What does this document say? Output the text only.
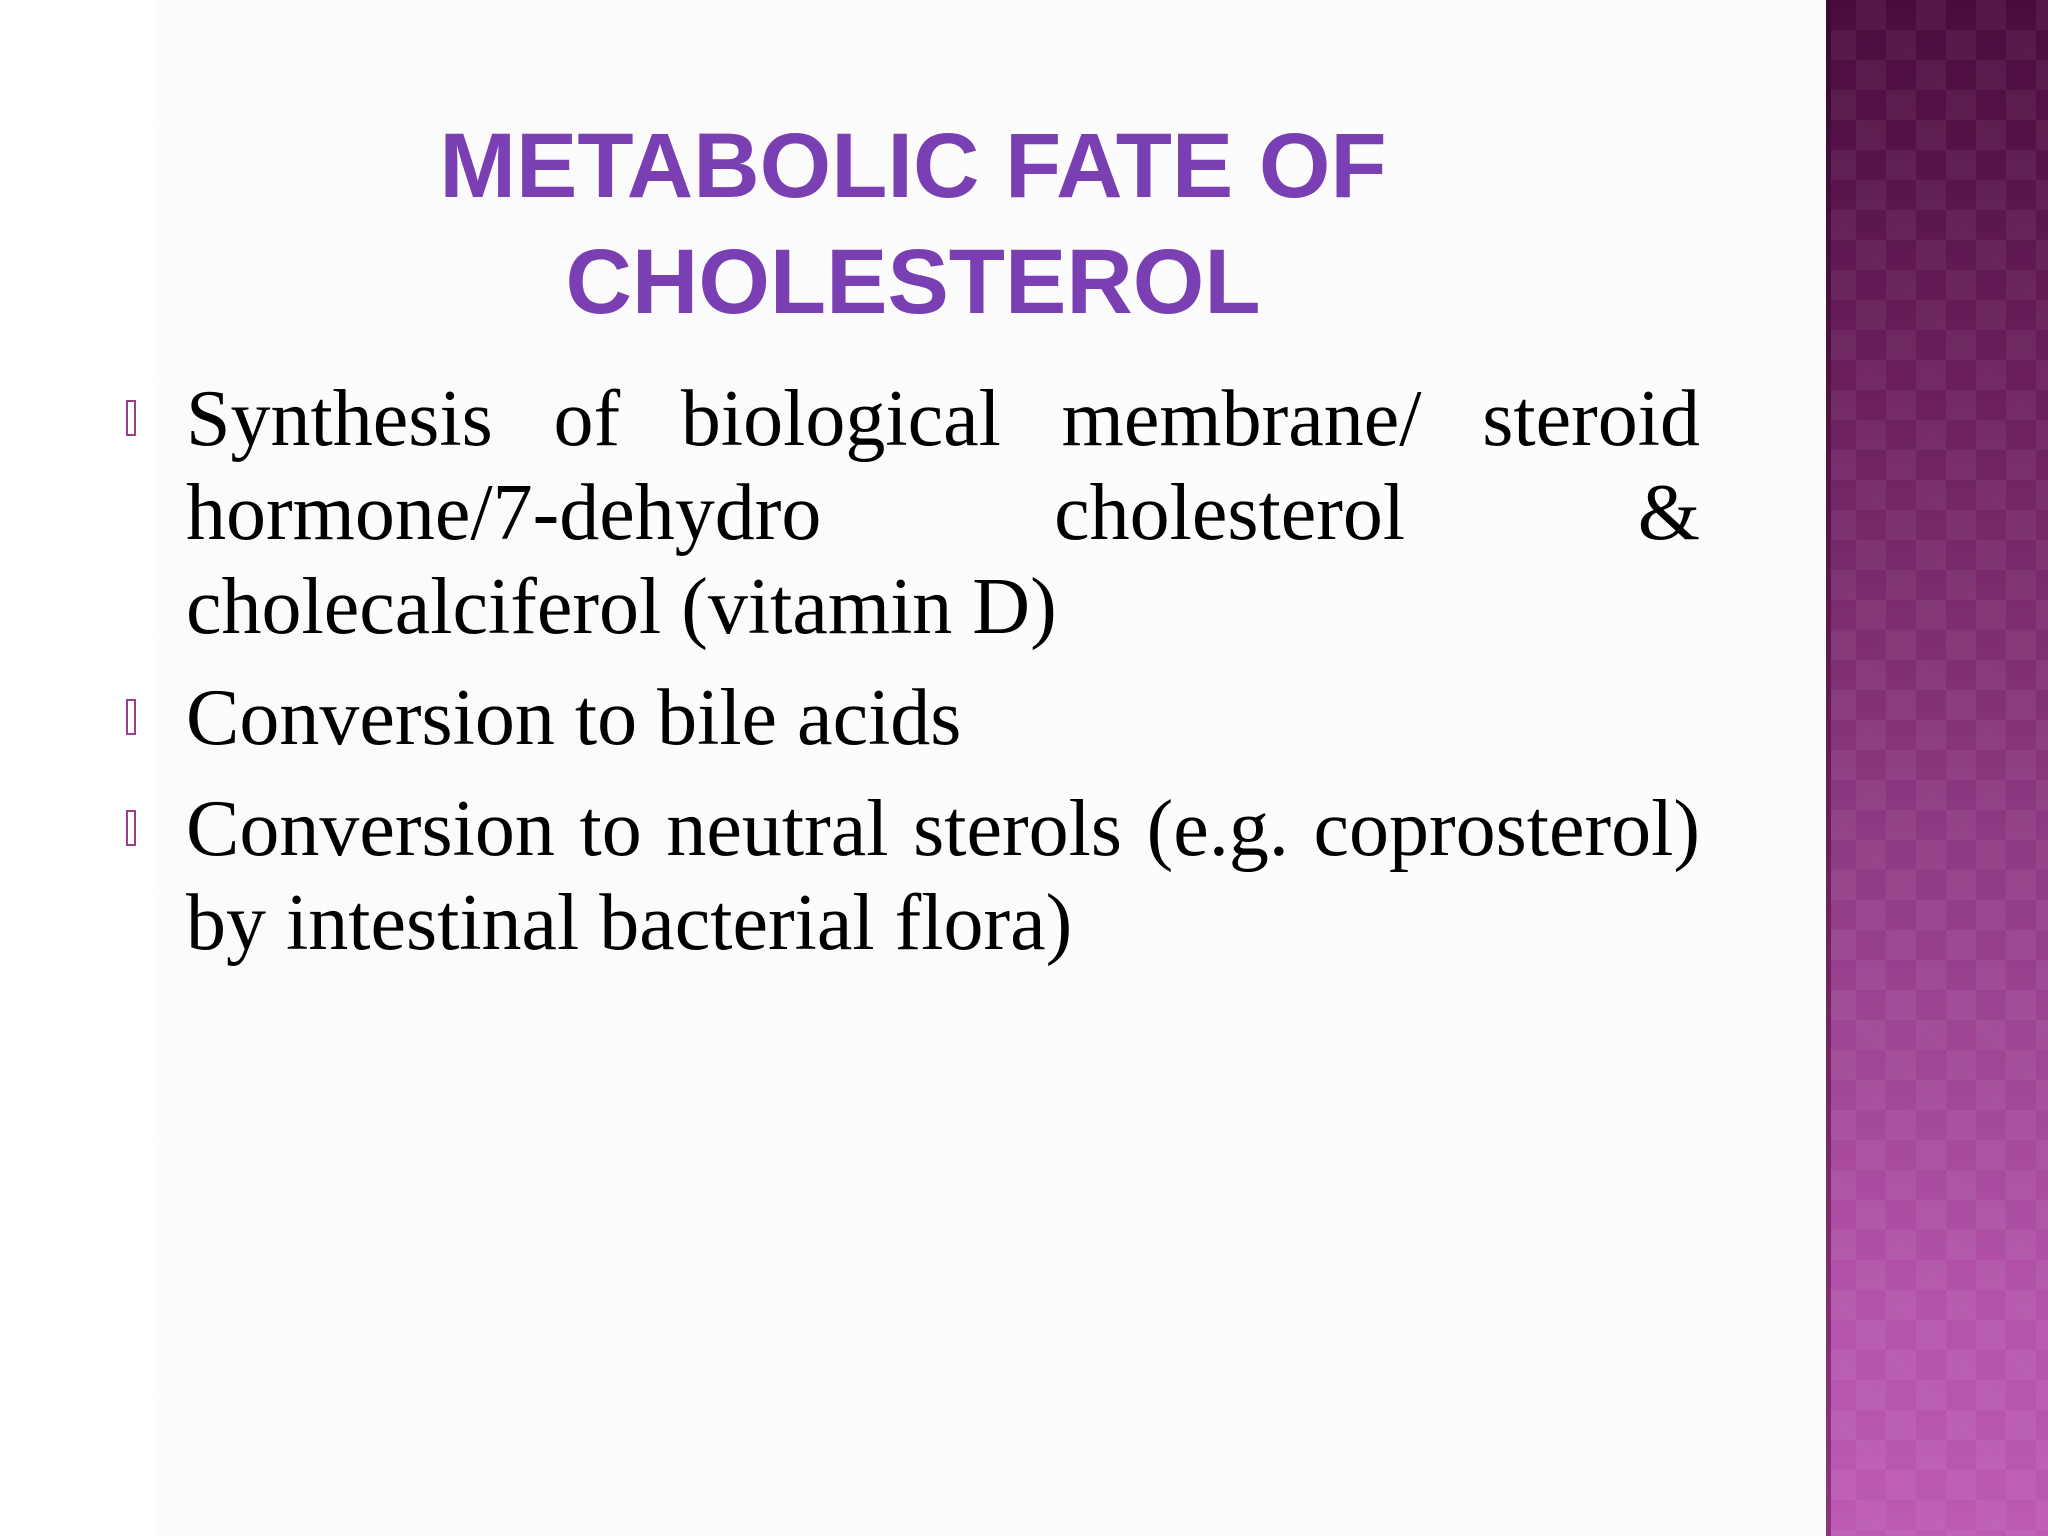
METABOLIC FATE OF
CHOLESTEROL
Synthesis of biological membrane/ steroid hormone/7-dehydro cholesterol & cholecalciferol (vitamin D)
Conversion to bile acids
Conversion to neutral sterols (e.g. coprosterol) by intestinal bacterial flora)
